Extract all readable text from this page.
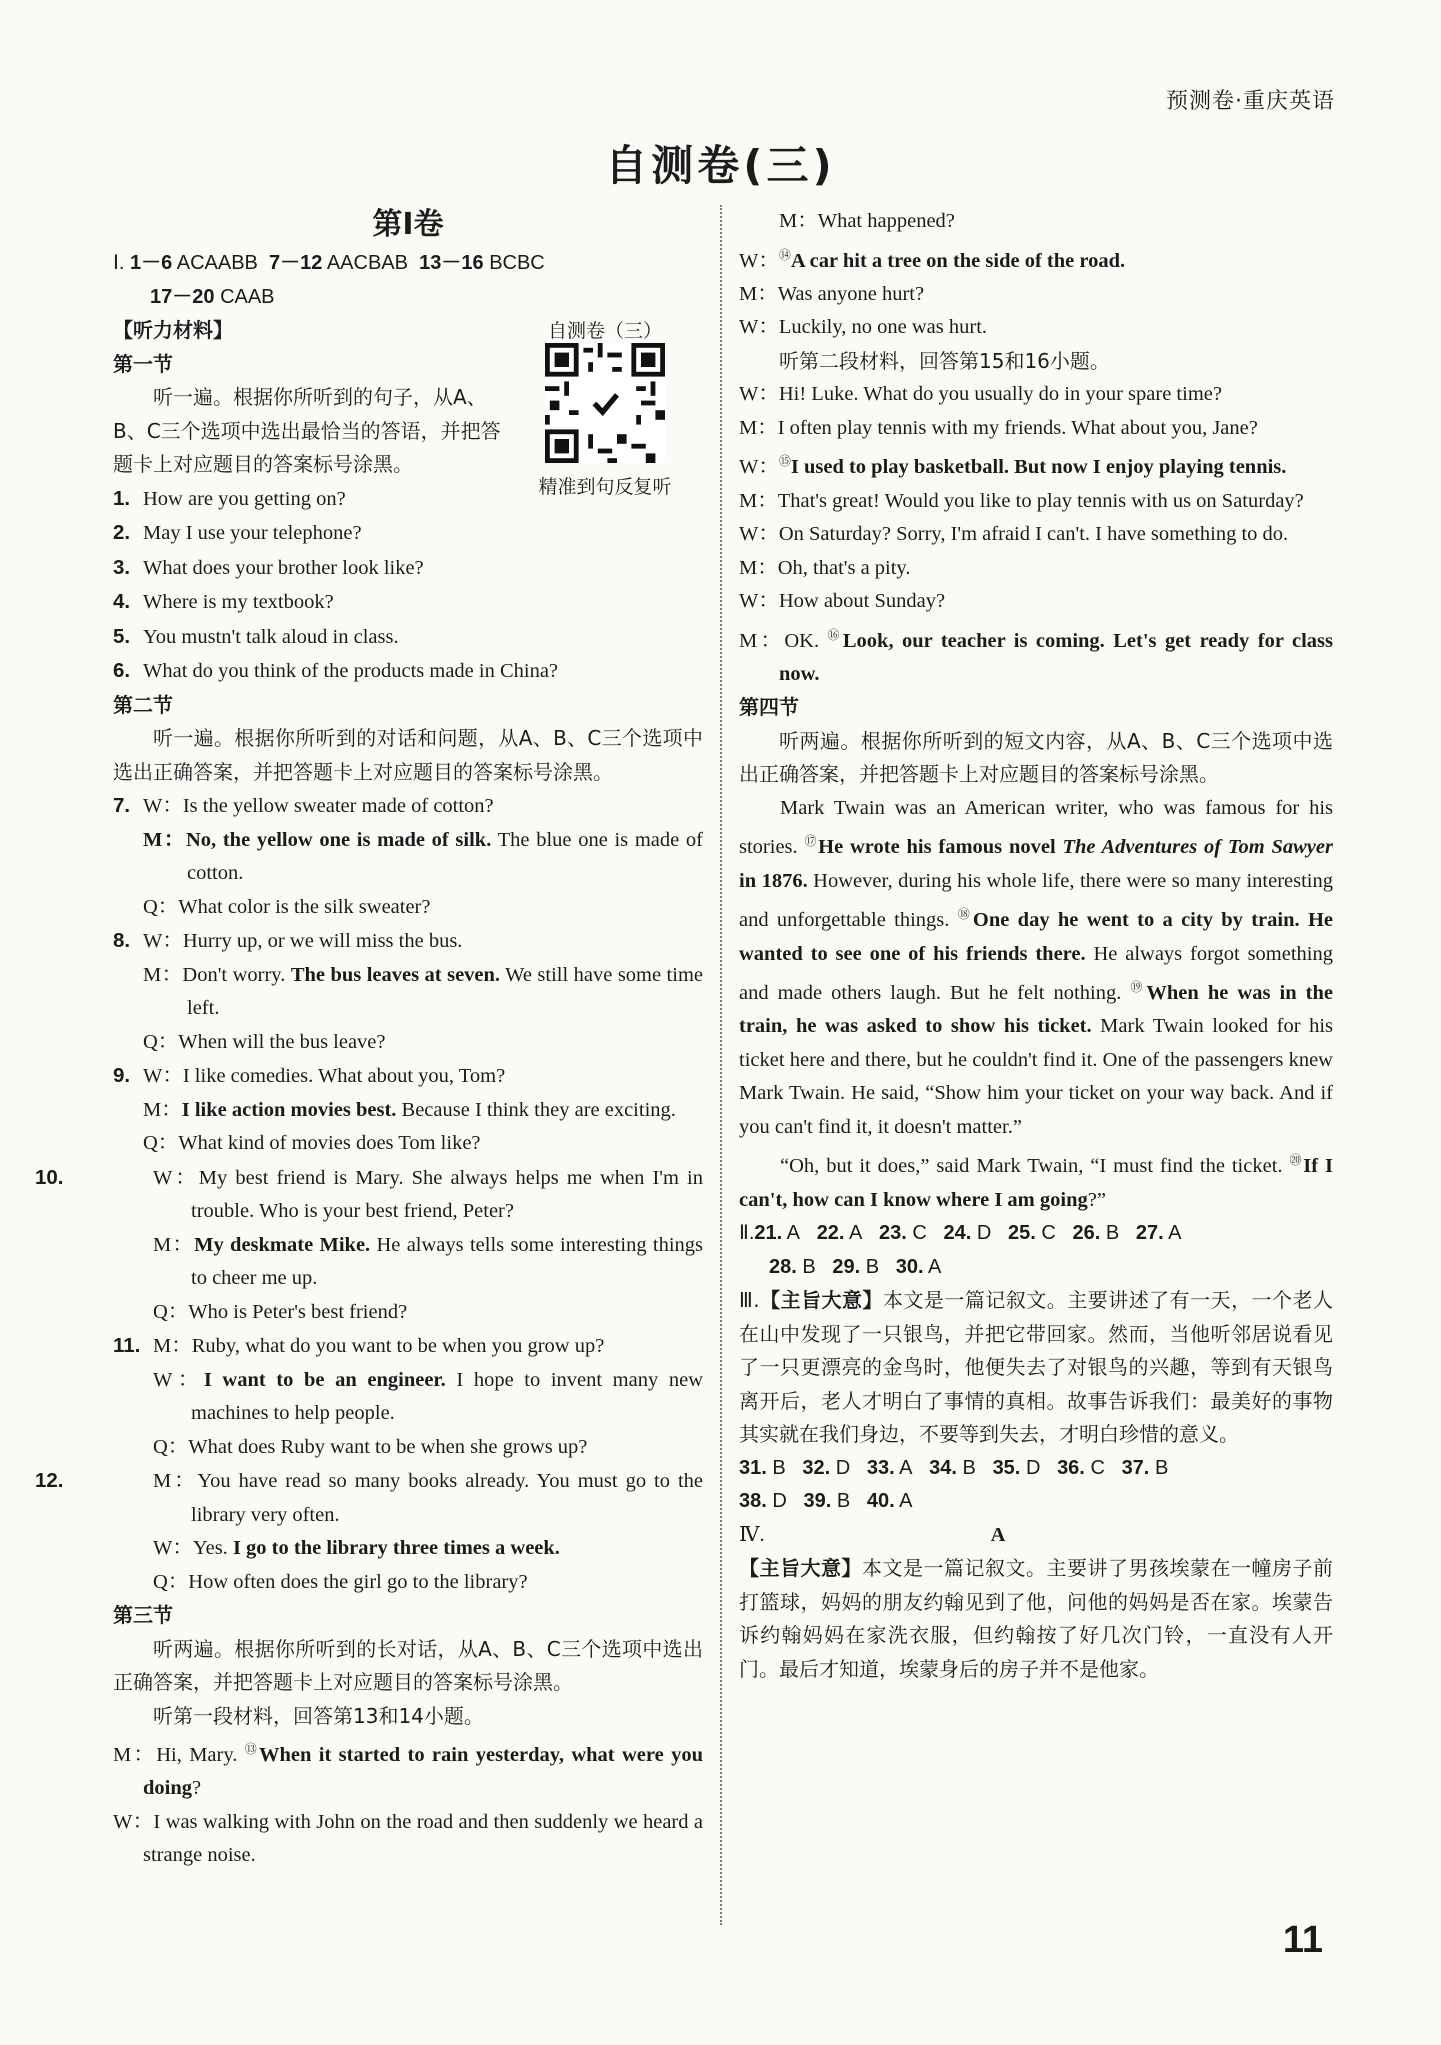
预测卷·重庆英语
自测卷(三)
自测卷（三）
精准到句反复听
第Ⅰ卷

Ⅰ. 1－6 ACAABB 7－12 AACBAB 13－16 BCBC

17－20 CAAB

【听力材料】

第一节

听一遍。根据你所听到的句子，从A、B、C三个选项中选出最恰当的答语，并把答题卡上对应题目的答案标号涂黑。

1. How are you getting on?

2. May I use your telephone?

3. What does your brother look like?

4. Where is my textbook?

5. You mustn't talk aloud in class.

6. What do you think of the products made in China?

第二节

听一遍。根据你所听到的对话和问题，从A、B、C三个选项中选出正确答案，并把答题卡上对应题目的答案标号涂黑。

7. W：Is the yellow sweater made of cotton?

M：No, the yellow one is made of silk. The blue one is made of cotton.

Q：What color is the silk sweater?

8. W：Hurry up, or we will miss the bus.

M：Don't worry. The bus leaves at seven. We still have some time left.

Q：When will the bus leave?

9. W：I like comedies. What about you, Tom?

M：I like action movies best. Because I think they are exciting.

Q：What kind of movies does Tom like?

10.	W：My best friend is Mary. She always helps me when I'm in trouble. Who is your best friend, Peter?

M：My deskmate Mike. He always tells some interesting things to cheer me up.

Q：Who is Peter's best friend?

11. M：Ruby, what do you want to be when you grow up?

W：I want to be an engineer. I hope to invent many new machines to help people.

Q：What does Ruby want to be when she grows up?

12.	M：You have read so many books already. You must go to the library very often.

W：Yes. I go to the library three times a week.

Q：How often does the girl go to the library?

第三节

听两遍。根据你所听到的长对话，从A、B、C三个选项中选出正确答案，并把答题卡上对应题目的答案标号涂黑。

听第一段材料，回答第13和14小题。

M：Hi, Mary. ⑬When it started to rain yesterday, what were you doing?

W：I was walking with John on the road and then suddenly we heard a strange noise.

M：What happened?

W：⑭A car hit a tree on the side of the road.

M：Was anyone hurt?

W：Luckily, no one was hurt.

听第二段材料，回答第15和16小题。

W：Hi! Luke. What do you usually do in your spare time?

M：I often play tennis with my friends. What about you, Jane?

W：⑮I used to play basketball. But now I enjoy playing tennis.

M：That's great! Would you like to play tennis with us on Saturday?

W：On Saturday? Sorry, I'm afraid I can't. I have something to do.

M：Oh, that's a pity.

W：How about Sunday?

M：OK. ⑯Look, our teacher is coming. Let's get ready for class now.

第四节

听两遍。根据你所听到的短文内容，从A、B、C三个选项中选出正确答案，并把答题卡上对应题目的答案标号涂黑。

Mark Twain was an American writer, who was famous for his stories. ⑰He wrote his famous novel The Adventures of Tom Sawyer in 1876. However, during his whole life, there were so many interesting and unforgettable things. ⑱One day he went to a city by train. He wanted to see one of his friends there. He always forgot something and made others laugh. But he felt nothing. ⑲When he was in the train, he was asked to show his ticket. Mark Twain looked for his ticket here and there, but he couldn't find it. One of the passengers knew Mark Twain. He said, “Show him your ticket on your way back. And if you can't find it, it doesn't matter.”

“Oh, but it does,” said Mark Twain, “I must find the ticket. ⑳If I can't, how can I know where I am going?”

Ⅱ.21. A 22. A 23. C 24. D 25. C 26. B 27. A

28. B 29. B 30. A

Ⅲ.【主旨大意】本文是一篇记叙文。主要讲述了有一天，一个老人在山中发现了一只银鸟，并把它带回家。然而，当他听邻居说看见了一只更漂亮的金鸟时，他便失去了对银鸟的兴趣，等到有天银鸟离开后，老人才明白了事情的真相。故事告诉我们：最美好的事物其实就在我们身边，不要等到失去，才明白珍惜的意义。

31. B 32. D 33. A 34. B 35. D 36. C 37. B

38. D 39. B 40. A

Ⅳ.	A

【主旨大意】本文是一篇记叙文。主要讲了男孩埃蒙在一幢房子前打篮球，妈妈的朋友约翰见到了他，问他的妈妈是否在家。埃蒙告诉约翰妈妈在家洗衣服，但约翰按了好几次门铃，一直没有人开门。最后才知道，埃蒙身后的房子并不是他家。

11
